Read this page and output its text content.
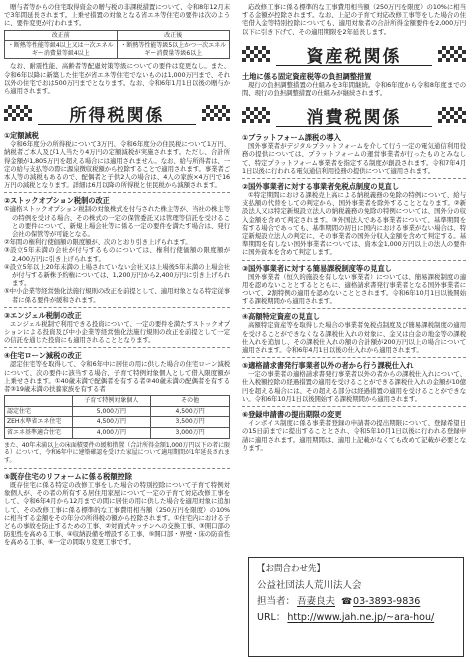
贈与者等からの住宅取得資金の贈与税の非課税措置について、令和8年12月末で3年間延長されます。上乗せ措置の対象となる省エネ等住宅の要件は次のように、要件変更が行われます。
改正前	改正後
・断熱等性能等級4以上又は一次エネルギー消費量等級4以上	・断熱等性能等級5以上かつ一次エネルギー消費量等級6以上
なお、耐震性能、高齢者等配慮対策等級についての要件は変更なし。また、令和6年以降に新築した住宅が省エネ等住宅でないものは1,000万円まで、それ以外の住宅でおは500万円までとなります。なお、令和6年1月1日以後の贈与から適用されます。
所得税関係
①定額減税
令和6年度分の所得税について3万円、令和6年度分の住民税について1万円、納税者ご本人及び1人当たり4万円の定額減税が実施されます。ただし、合計所得金額が1,805万円を超える場合には適用されません。なお、給与所得者は、一定の給与支払等の際に源泉徴収税額から控除することで適用されます。事業者ご本人等の減税もあるので、配偶者と子供2人の場合は、4人の家族×4万円で16万円の減税となります。詳細は6月以降の所得税と住民税から減額されます。
②ストックオプション税制の改正
①適格ストックオプション税制の対象株式を付与された株主等が、当社の株主等の特例を受ける場合、その株式の一定の保管委託又は管理等信託を受けることの要件について、新規上場会社等に係る一定の要件を満たす場合は、発行会社の保管等が可能となる。
②年間の権利行使価額の限度額が、次のとおり引き上げられます。
③設立5年未満の会社が付与するものについては、権利行使価額の限度額が2,400万円に引き上げられます。
④設立5年以上20年未満の上場されていない会社又は上場後5年未満の上場会社が付与する新株予約権については、1,200万円から2,400万円に引き上げられます。
⑤中小企業等経営強化法施行規則の改正を前提として、適用対象となる特定従事者に係る要件が緩和されます。
③エンジェル税制の改正
エンジェル税制で利用できる投資について、一定の要件を満たすストックオプションによる投資及び中小企業等経営強化法施行規則の改正を前提として一定の信託を通じた投資にも適用されることとなります。
④住宅ローン減税の改正
認定住宅等を取得して、令和6年中に居住の用に供した場合の住宅ローン減税について、次の要件に該当する場合、子育て特例対象個人として借入限度額が上乗せされます。①40歳未満で配偶者を有する者②40歳未満の配偶者を有する者③19歳未満の扶養家族を有する者
	子育て特例対象個人	その他
認定住宅	5,000万円	4,500万円
ZEH水準省エネ住宅	4,500万円	3,500万円
省エネ基準適合住宅	4,000万円	3,000万円
また、40年未満以上の床面積要件の緩和措置（合計所得金額1,000万円以下の者に限る）について、令和6年中に建築確認を受けた家屋について適用期間が1年延長されます。
⑤既存住宅のリフォームに係る税額控除
既存住宅に係る特定の改修工事をした場合の特別控除について子育て特例対象個人が、その者の所有する居住用家屋について一定の子育て対応改修工事をして、令和6年4月から12月までの間に居住の用に供した場合を適用対象に追加して、その改修工事に係る標準的な工事費用相当額（250万円を限度）の10%に相当する金額をその年分の所得税の額から控除されます。①住宅内における子どもの事故を防止するための工事、②対面式キッチンへの交換工事、③開口部の防犯性を高める工事、④収納設備を増設する工事、⑤開口部・界壁・床の防音性を高める工事、⑥一定の間取り変更工事です。
応改修工事に係る標準的な工事費用相当額（250万円を限度）の10%に相当する金額が控除されます。なお、上記の子育て対応改修工事等をした場合の住宅借入金等特別控除についても、適用対象者の合計所得金額要件を2,000万円以下に引き下げて、その適用期限を2年延長します。
資産税関係
土地に係る固定資産税等の負担調整措置
現行の負担調整措置の仕組みを3年間継続。令和6年度から令和8年度までの間、現行の負担調整措置の仕組みが継続されます。
消費税関係
①プラットフォーム課税の導入
国外事業者がデジタルプラットフォームを介して行う一定の電気通信利用役務の提供については、プラットフォームの運営事業者が行ったものとみなして、特定プラットフォーム事業者を指定する制度が創設されます。令和7年4月1日以後に行われる電気通信利用役務の提供について適用されます。
②国外事業者に対する事業者免税点制度の見直し
①特定期間における課税売上高による納税義務の免除の特例について、給与支払額の代替をしての判定から、国外事業者を除外することとなります。②新設法人又は特定新規設立法人の納税義務の免除の特例については、国外分の収入金額を含めて判定されます。③外国法人である事業者について、基準期間を有する場合であっても、基準期間の初日に国内における事業がない場合は、特定新規設立法人の判定に、その事業者の国外分収入金額を含めて判定する。基準期間を有しない国外事業者については、資本金1,000万円以上の法人の要件に国外資本を含めて判定します。
③国外事業者に対する簡易課税制度等の見直し
国外事業者（恒久的施設を有しない事業者）については、簡易課税制度の適用を認めないこととするとともに、適格請求書発行事業者となる国外事業者について、2割特例の適用を認めないこととされます。令和6年10月1日以後開始する課税期間から適用されます。
④高額特定資産の見直し
高額特定資産等を取得した場合の事業者免税点制度及び簡易課税制度の適用を受けることができなくなる課税仕入れの対象に、金又は白金の地金等の課税仕入れを追加し、その課税仕入れの額の合計額が200万円以上の場合について適用されます。令和6年4月1日以後の仕入れから適用されます。
⑤適格請求書発行事業者以外の者から行う課税仕入れ
一定の事業者の適格請求書発行事業者以外の者からの課税仕入れについて、仕入税額控除の経過措置の適用を受けることができる課税仕入れの金額が10億円を超える場合には、その超える部分は経過措置の適用を受けることができない。令和6年10月1日以後開始する課税期間から適用されます。
⑥登録申請書の提出期限の変更
インボイス制度に係る事業者登録の申請書の提出期限について、登録希望日の15日前までに提出することとされ、令和5年10月1日以後に行われる登録申請に適用されます。適用期間は、適用上記載がなくても改めて記載が必要となります。
【お問合わせ先】
公益社団法人荒川法人会
担当者： 吾妻良夫 ☎03-3893-9836
URL： http://www.jah.ne.jp/~ara-hou/
